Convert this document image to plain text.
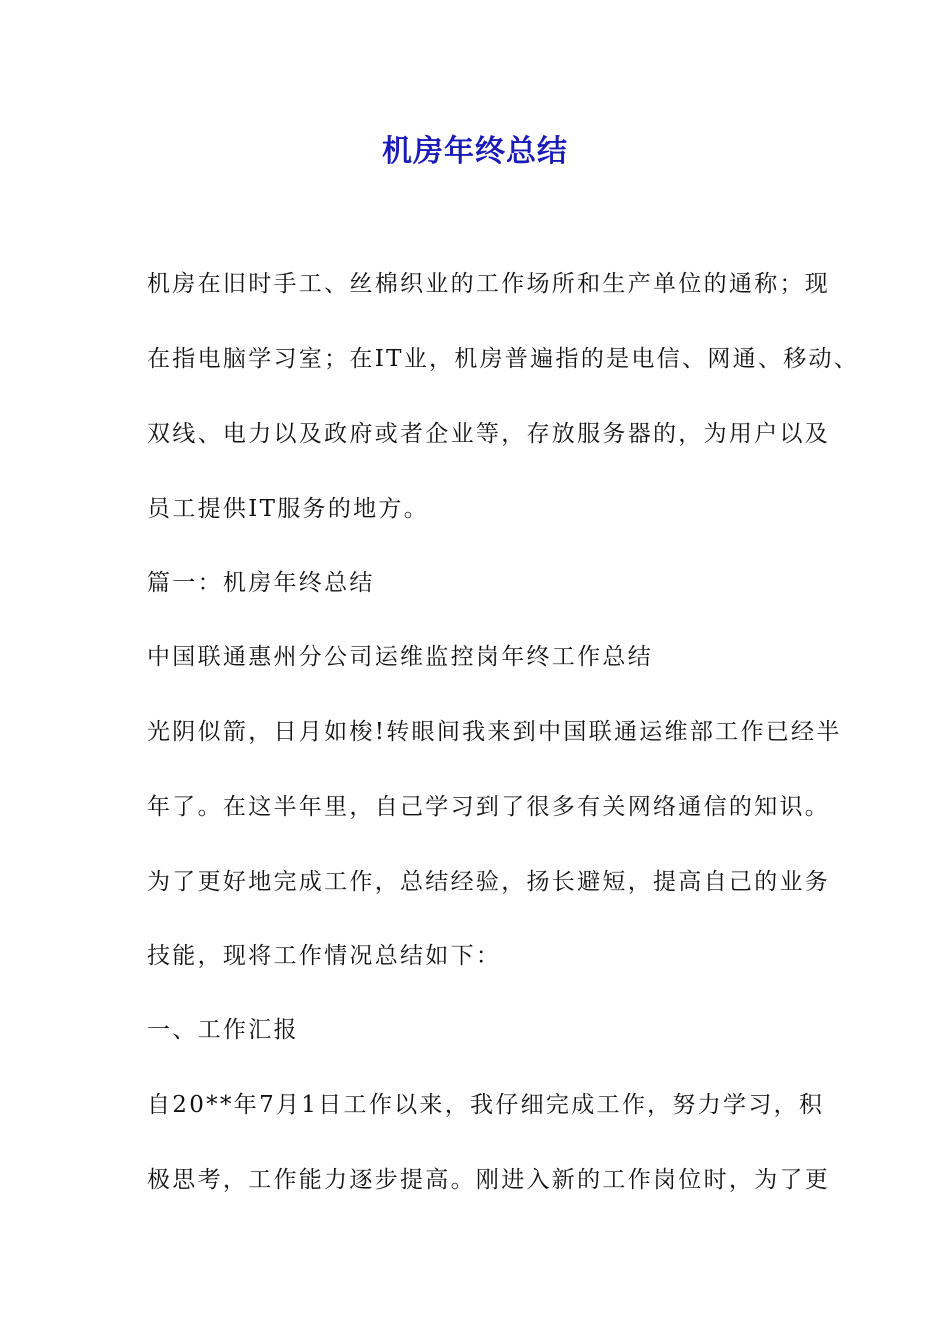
机房年终总结
机房在旧时手工、丝棉织业的工作场所和生产单位的通称；现
在指电脑学习室；在IT业，机房普遍指的是电信、网通、移动、
双线、电力以及政府或者企业等，存放服务器的，为用户以及
员工提供IT服务的地方。
篇一：机房年终总结
中国联通惠州分公司运维监控岗年终工作总结
光阴似箭，日月如梭!转眼间我来到中国联通运维部工作已经半
年了。在这半年里，自己学习到了很多有关网络通信的知识。
为了更好地完成工作，总结经验，扬长避短，提高自己的业务
技能，现将工作情况总结如下：
一、工作汇报
自20**年7月1日工作以来，我仔细完成工作，努力学习，积
极思考，工作能力逐步提高。刚进入新的工作岗位时，为了更
